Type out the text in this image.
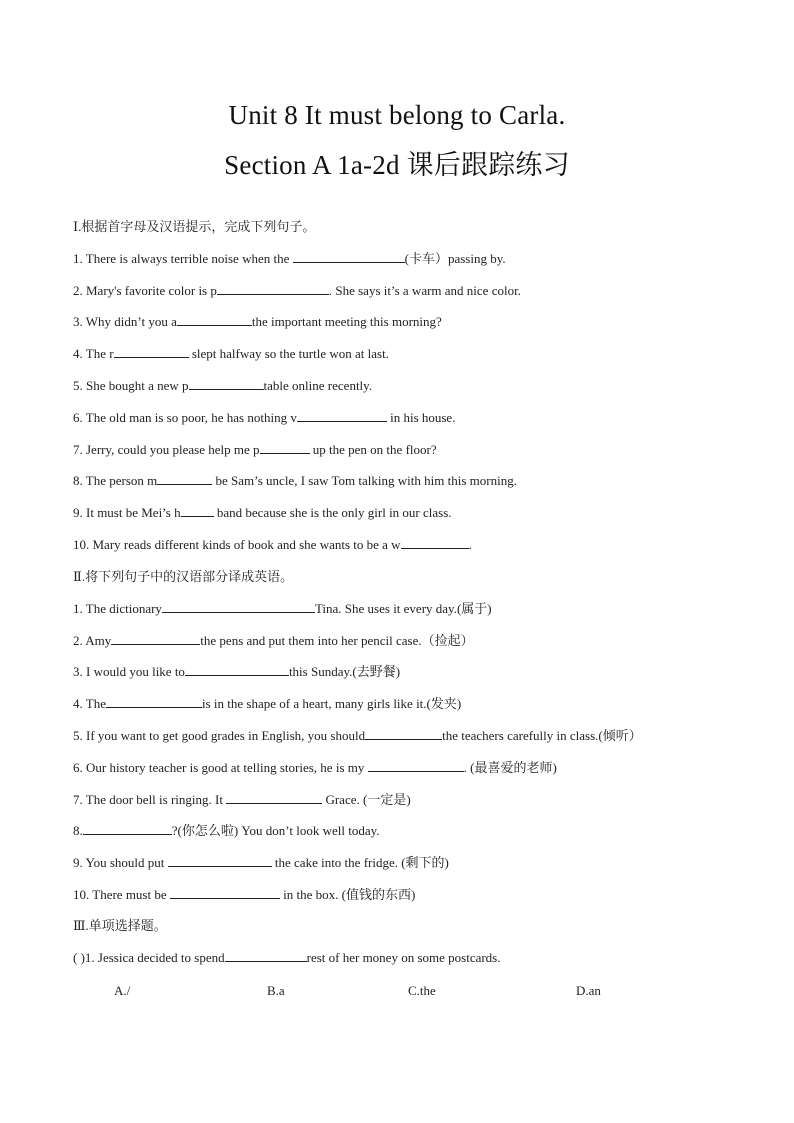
Unit 8 It must belong to Carla.
Section A 1a-2d 课后跟踪练习
Ⅰ.根据首字母及汉语提示，完成下列句子。
1. There is always terrible noise when the	(卡车）passing by.
2. Mary's favorite color is p	. She says it’s a warm and nice color.
3. Why didn’t you a	the important meeting this morning?
4. The r	slept halfway so the turtle won at last.
5. She bought a new p	table online recently.
6. The old man is so poor, he has nothing v	in his house.
7. Jerry, could you please help me p	up the pen on the floor?
8. The person m	be Sam’s uncle, I saw Tom talking with him this morning.
9. It must be Mei’s h	band because she is the only girl in our class.
10. Mary reads different kinds of book and she wants to be a w	.
Ⅱ.将下列句子中的汉语部分译成英语。
1. The dictionary	Tina. She uses it every day.(属于)
2. Amy	the pens and put them into her pencil case.（捡起）
3. I would you like to	this Sunday.(去野餐)
4. The	is in the shape of a heart, many girls like it.(发夹)
5. If you want to get good grades in English, you should	the teachers carefully in class.(倾听）
6. Our history teacher is good at telling stories, he is my	. (最喜爱的老师)
7. The door bell is ringing. It	Grace. (一定是)
8.	?(你怎么啦) You don’t look well today.
9. You should put	the cake into the fridge. (剩下的)
10. There must be	in the box. (值钱的东西)
Ⅲ.单项选择题。
( )1. Jessica decided to spend	rest of her money on some postcards.
A./	B.a	C.the	D.an
